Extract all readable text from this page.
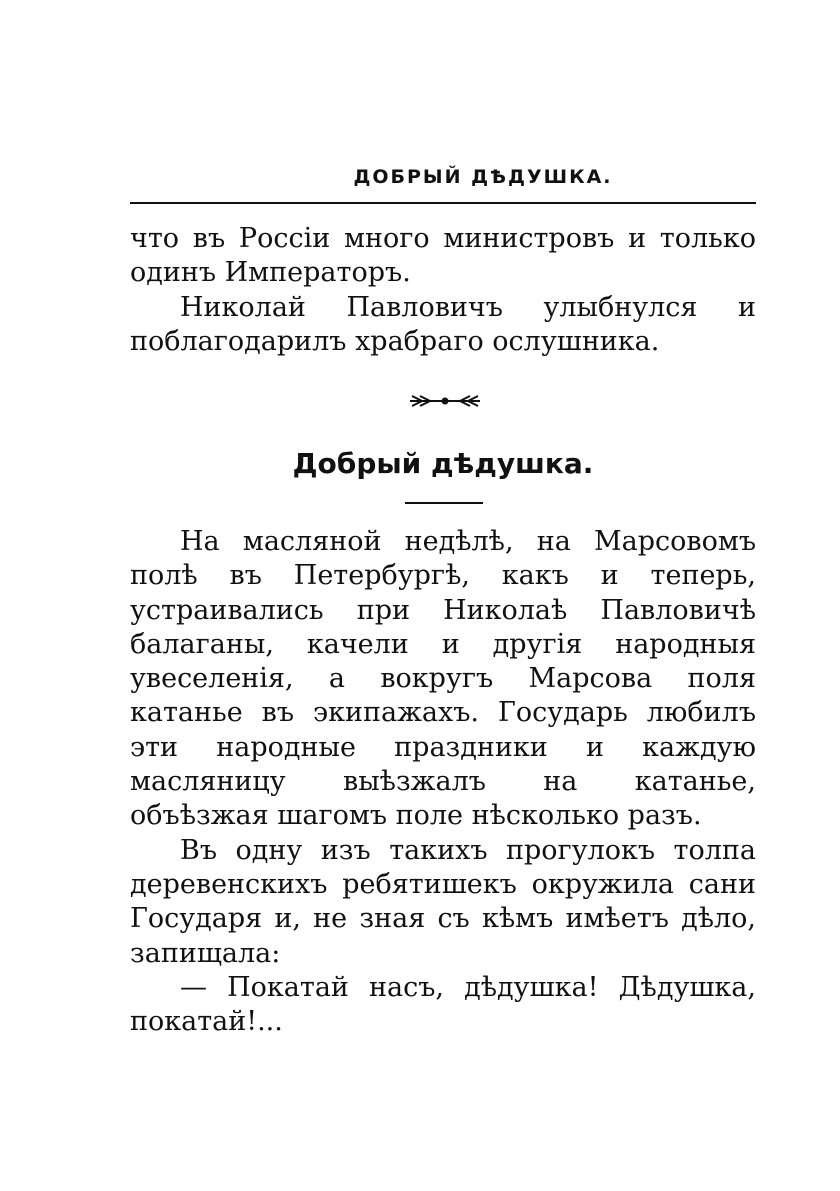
ДОБРЫЙ ДѢДУШКА.

что въ Россіи много министровъ и только одинъ Императоръ.

Николай Павловичъ улыбнулся и поблагодарилъ храбраго ослушника.

Добрый дѣдушка.

На масляной недѣлѣ, на Марсовомъ полѣ въ Петербургѣ, какъ и теперь, устраивались при Николаѣ Павловичѣ балаганы, качели и другія народныя увеселенія, а вокругъ Марсова поля катанье въ экипажахъ. Государь любилъ эти народные праздники и каждую масляницу выѣзжалъ на катанье, объѣзжая шагомъ поле нѣсколько разъ.

Въ одну изъ такихъ прогулокъ толпа деревенскихъ ребятишекъ окружила сани Государя и, не зная съ кѣмъ имѣетъ дѣло, запищала:

— Покатай насъ, дѣдушка! Дѣдушка, покатай!...
